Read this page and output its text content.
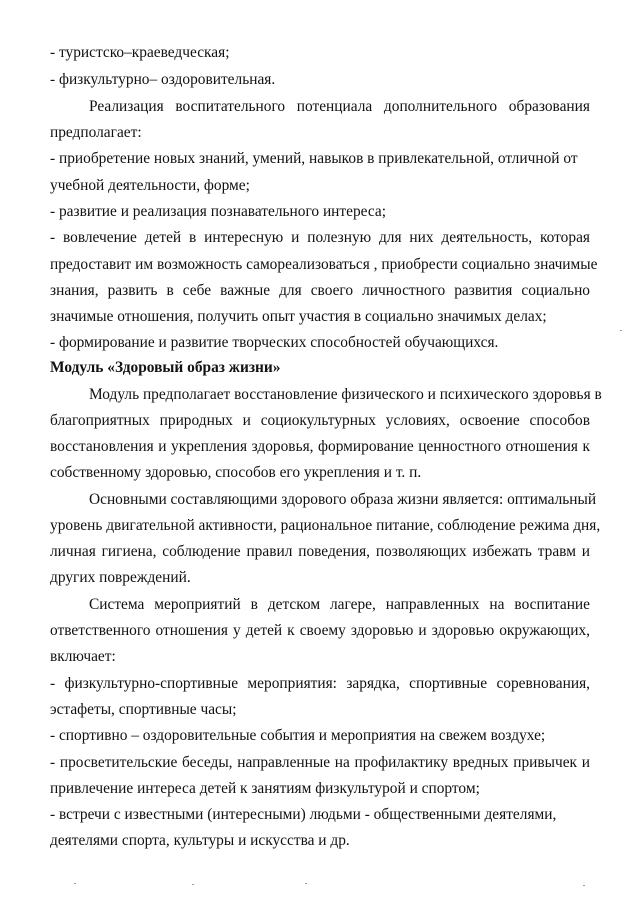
- туристско–краеведческая;
- физкультурно– оздоровительная.
Реализация воспитательного потенциала дополнительного образования
предполагает:
- приобретение новых знаний, умений, навыков в привлекательной, отличной от
учебной деятельности, форме;
- развитие и реализация познавательного интереса;
- вовлечение детей в интересную и полезную для них деятельность, которая
предоставит им возможность самореализоваться , приобрести социально значимые
знания, развить в себе важные для своего личностного развития социально
значимые отношения, получить опыт участия в социально значимых делах;
- формирование и развитие творческих способностей обучающихся.
Модуль «Здоровый образ жизни»
Модуль предполагает восстановление физического и психического здоровья в
благоприятных природных и социокультурных условиях, освоение способов
восстановления и укрепления здоровья, формирование ценностного отношения к
собственному здоровью, способов его укрепления и т. п.
Основными составляющими здорового образа жизни является: оптимальный
уровень двигательной активности, рациональное питание, соблюдение режима дня,
личная гигиена, соблюдение правил поведения, позволяющих избежать травм и
других повреждений.
Система мероприятий в детском лагере, направленных на воспитание
ответственного отношения у детей к своему здоровью и здоровью окружающих,
включает:
- физкультурно-спортивные мероприятия: зарядка, спортивные соревнования,
эстафеты, спортивные часы;
- спортивно – оздоровительные события и мероприятия на свежем воздухе;
- просветительские беседы, направленные на профилактику вредных привычек и
привлечение интереса детей к занятиям физкультурой и спортом;
- встречи с известными (интересными) людьми - общественными деятелями,
деятелями спорта, культуры и искусства и др.
